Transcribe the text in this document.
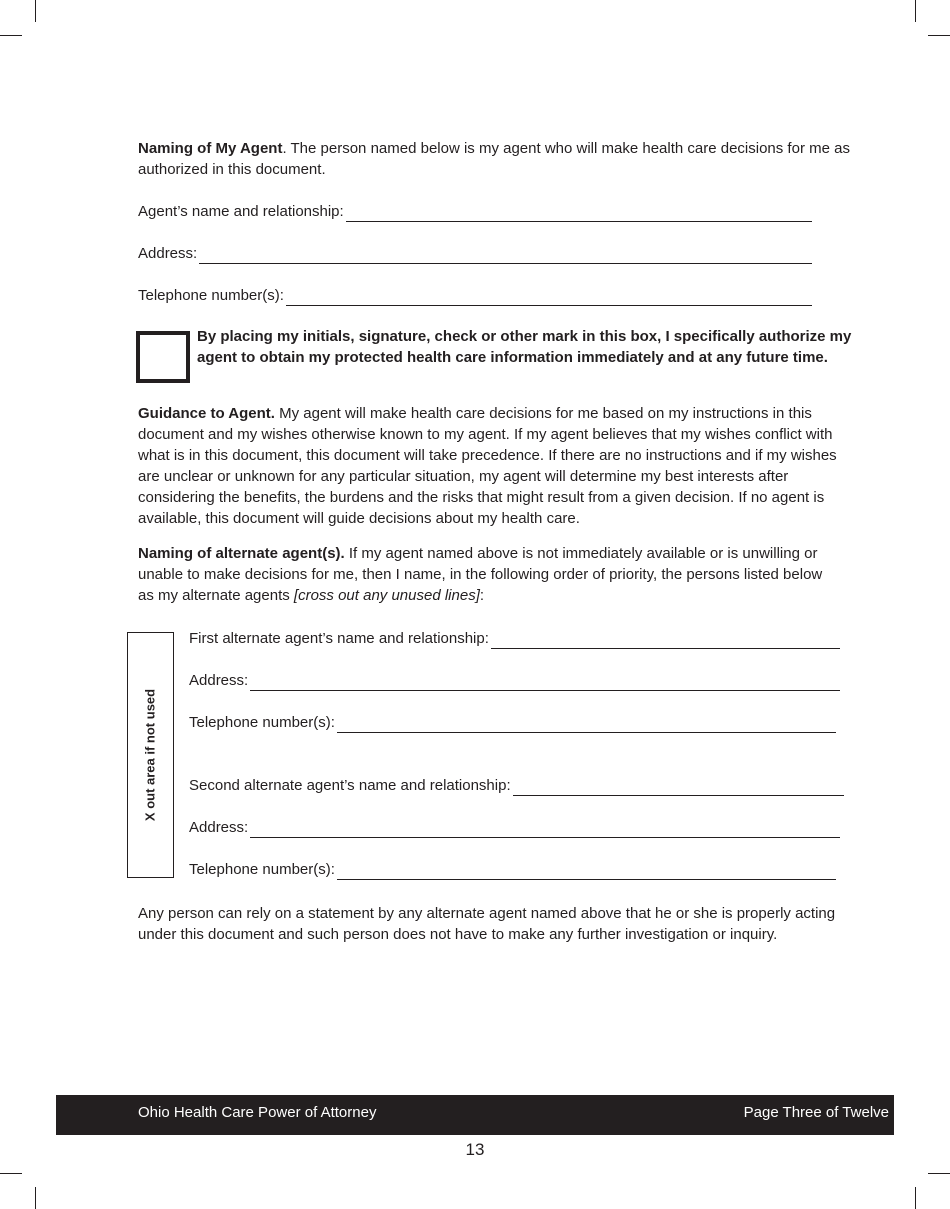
Naming of My Agent. The person named below is my agent who will make health care decisions for me as authorized in this document.
Agent’s name and relationship:
Address:
Telephone number(s):
By placing my initials, signature, check or other mark in this box, I specifically authorize my agent to obtain my protected health care information immediately and at any future time.
Guidance to Agent. My agent will make health care decisions for me based on my instructions in this document and my wishes otherwise known to my agent. If my agent believes that my wishes conflict with what is in this document, this document will take precedence. If there are no instructions and if my wishes are unclear or unknown for any particular situation, my agent will determine my best interests after considering the benefits, the burdens and the risks that might result from a given decision. If no agent is available, this document will guide decisions about my health care.
Naming of alternate agent(s). If my agent named above is not immediately available or is unwilling or unable to make decisions for me, then I name, in the following order of priority, the persons listed below as my alternate agents [cross out any unused lines]:
X out area if not used
First alternate agent’s name and relationship:
Address:
Telephone number(s):
Second alternate agent’s name and relationship:
Address:
Telephone number(s):
Any person can rely on a statement by any alternate agent named above that he or she is properly acting under this document and such person does not have to make any further investigation or inquiry.
Ohio Health Care Power of Attorney	Page Three of Twelve
13
